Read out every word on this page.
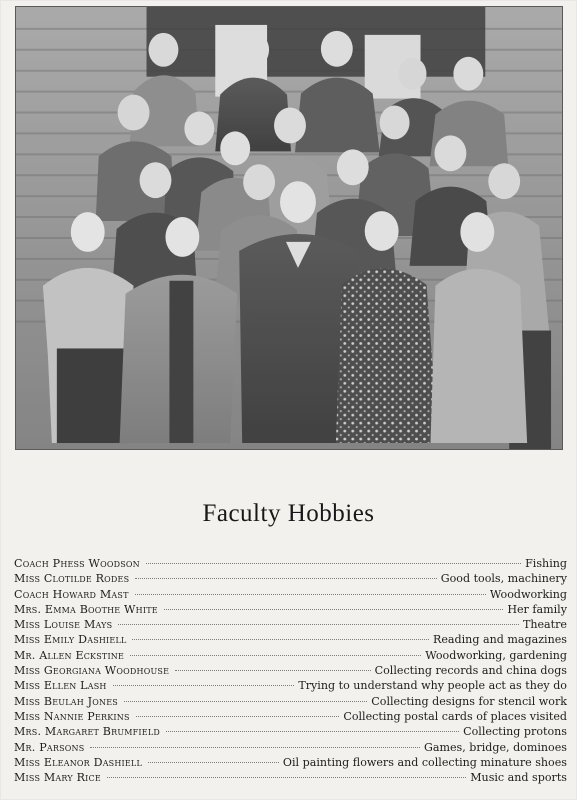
Faculty Hobbies
Coach Phess Woodson	Fishing
Miss Clotilde Rodes	Good tools, machinery
Coach Howard Mast	Woodworking
Mrs. Emma Boothe White	Her family
Miss Louise Mays	Theatre
Miss Emily Dashiell	Reading and magazines
Mr. Allen Eckstine	Woodworking, gardening
Miss Georgiana Woodhouse	Collecting records and china dogs
Miss Ellen Lash	Trying to understand why people act as they do
Miss Beulah Jones	Collecting designs for stencil work
Miss Nannie Perkins	Collecting postal cards of places visited
Mrs. Margaret Brumfield	Collecting protons
Mr. Parsons	Games, bridge, dominoes
Miss Eleanor Dashiell	Oil painting flowers and collecting minature shoes
Miss Mary Rice	Music and sports
